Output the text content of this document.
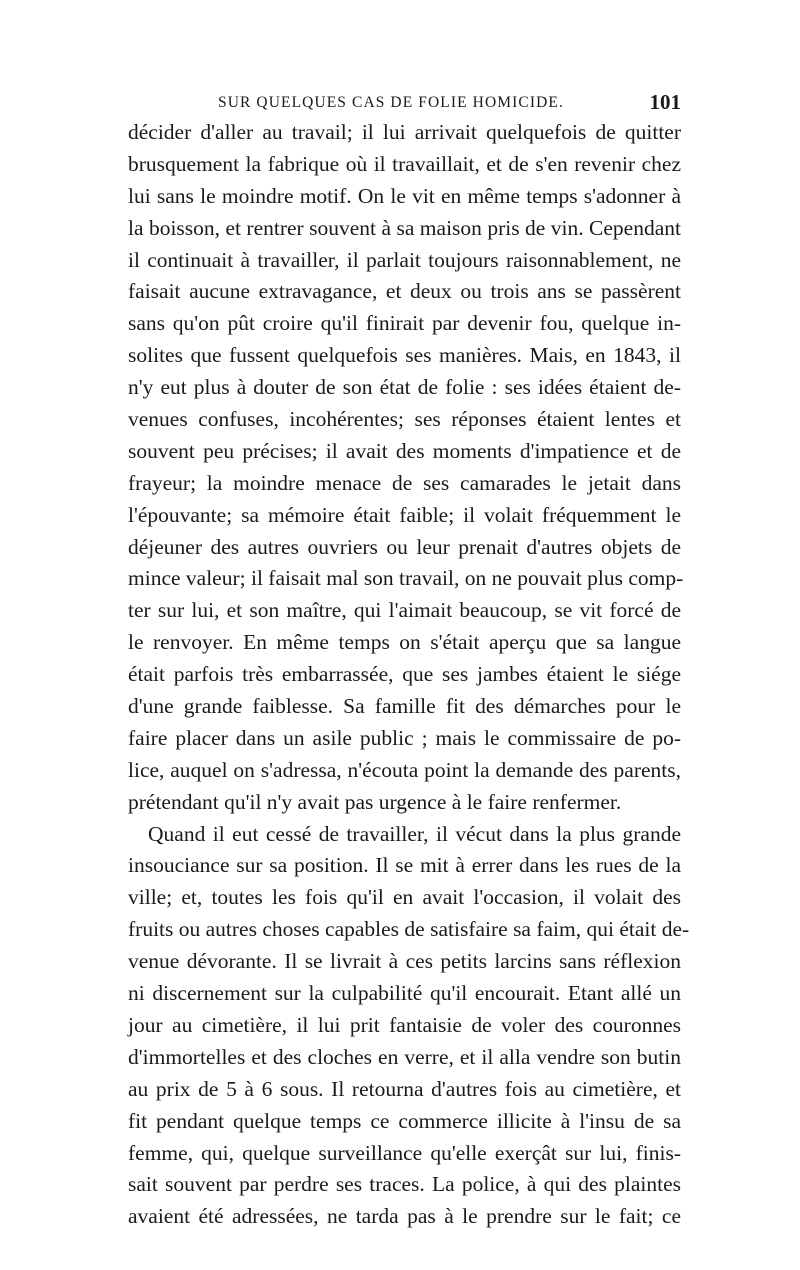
SUR QUELQUES CAS DE FOLIE HOMICIDE.	101
décider d'aller au travail; il lui arrivait quelquefois de quitter
brusquement la fabrique où il travaillait, et de s'en revenir chez
lui sans le moindre motif. On le vit en même temps s'adonner à
la boisson, et rentrer souvent à sa maison pris de vin. Cependant
il continuait à travailler, il parlait toujours raisonnablement, ne
faisait aucune extravagance, et deux ou trois ans se passèrent
sans qu'on pût croire qu'il finirait par devenir fou, quelque in-
solites que fussent quelquefois ses manières. Mais, en 1843, il
n'y eut plus à douter de son état de folie : ses idées étaient de-
venues confuses, incohérentes; ses réponses étaient lentes et
souvent peu précises; il avait des moments d'impatience et de
frayeur; la moindre menace de ses camarades le jetait dans
l'épouvante; sa mémoire était faible; il volait fréquemment le
déjeuner des autres ouvriers ou leur prenait d'autres objets de
mince valeur; il faisait mal son travail, on ne pouvait plus comp-
ter sur lui, et son maître, qui l'aimait beaucoup, se vit forcé de
le renvoyer. En même temps on s'était aperçu que sa langue
était parfois très embarrassée, que ses jambes étaient le siége
d'une grande faiblesse. Sa famille fit des démarches pour le
faire placer dans un asile public ; mais le commissaire de po-
lice, auquel on s'adressa, n'écouta point la demande des parents,
prétendant qu'il n'y avait pas urgence à le faire renfermer.
Quand il eut cessé de travailler, il vécut dans la plus grande
insouciance sur sa position. Il se mit à errer dans les rues de la
ville; et, toutes les fois qu'il en avait l'occasion, il volait des
fruits ou autres choses capables de satisfaire sa faim, qui était de-
venue dévorante. Il se livrait à ces petits larcins sans réflexion
ni discernement sur la culpabilité qu'il encourait. Etant allé un
jour au cimetière, il lui prit fantaisie de voler des couronnes
d'immortelles et des cloches en verre, et il alla vendre son butin
au prix de 5 à 6 sous. Il retourna d'autres fois au cimetière, et
fit pendant quelque temps ce commerce illicite à l'insu de sa
femme, qui, quelque surveillance qu'elle exerçât sur lui, finis-
sait souvent par perdre ses traces. La police, à qui des plaintes
avaient été adressées, ne tarda pas à le prendre sur le fait; ce
